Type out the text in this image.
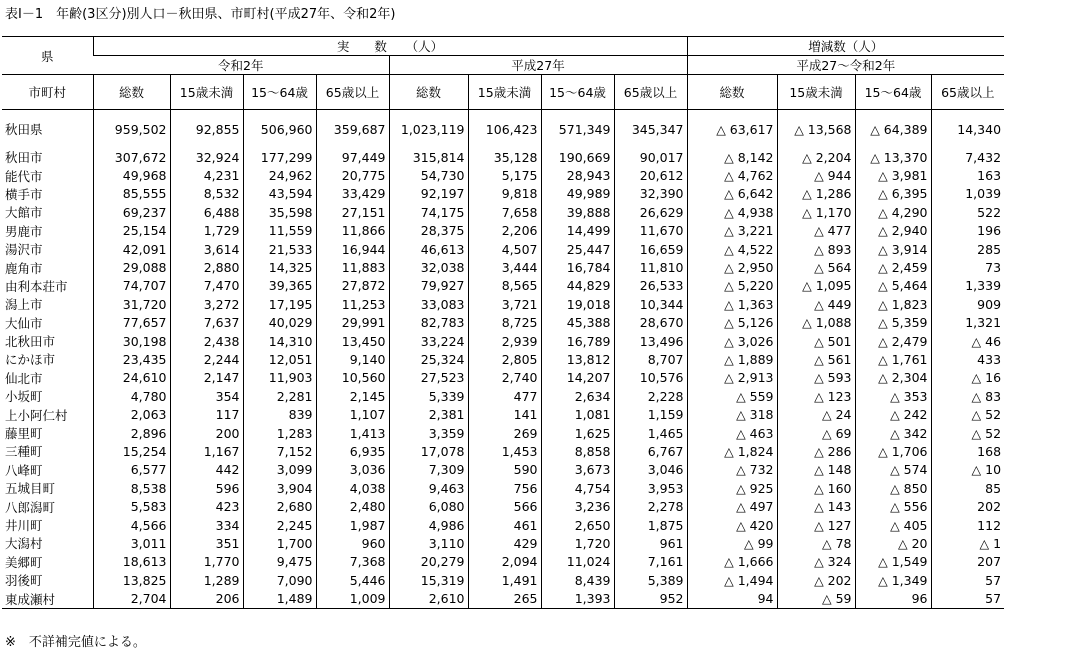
表Ⅰ－1　年齢(3区分)別人口－秋田県、市町村(平成27年、令和2年)
県	実　　数　　（人）								増減数（人）			
	令和2年				平成27年				平成27～令和2年			
市町村	総数	15歳未満	15～64歳	65歳以上	総数	15歳未満	15～64歳	65歳以上	総数	15歳未満	15～64歳	65歳以上
秋田県	959,502	92,855	506,960	359,687	1,023,119	106,423	571,349	345,347	△ 63,617	△ 13,568	△ 64,389	14,340
秋田市	307,672	32,924	177,299	97,449	315,814	35,128	190,669	90,017	△ 8,142	△ 2,204	△ 13,370	7,432
能代市	49,968	4,231	24,962	20,775	54,730	5,175	28,943	20,612	△ 4,762	△ 944	△ 3,981	163
横手市	85,555	8,532	43,594	33,429	92,197	9,818	49,989	32,390	△ 6,642	△ 1,286	△ 6,395	1,039
大館市	69,237	6,488	35,598	27,151	74,175	7,658	39,888	26,629	△ 4,938	△ 1,170	△ 4,290	522
男鹿市	25,154	1,729	11,559	11,866	28,375	2,206	14,499	11,670	△ 3,221	△ 477	△ 2,940	196
湯沢市	42,091	3,614	21,533	16,944	46,613	4,507	25,447	16,659	△ 4,522	△ 893	△ 3,914	285
鹿角市	29,088	2,880	14,325	11,883	32,038	3,444	16,784	11,810	△ 2,950	△ 564	△ 2,459	73
由利本荘市	74,707	7,470	39,365	27,872	79,927	8,565	44,829	26,533	△ 5,220	△ 1,095	△ 5,464	1,339
潟上市	31,720	3,272	17,195	11,253	33,083	3,721	19,018	10,344	△ 1,363	△ 449	△ 1,823	909
大仙市	77,657	7,637	40,029	29,991	82,783	8,725	45,388	28,670	△ 5,126	△ 1,088	△ 5,359	1,321
北秋田市	30,198	2,438	14,310	13,450	33,224	2,939	16,789	13,496	△ 3,026	△ 501	△ 2,479	△ 46
にかほ市	23,435	2,244	12,051	9,140	25,324	2,805	13,812	8,707	△ 1,889	△ 561	△ 1,761	433
仙北市	24,610	2,147	11,903	10,560	27,523	2,740	14,207	10,576	△ 2,913	△ 593	△ 2,304	△ 16
小坂町	4,780	354	2,281	2,145	5,339	477	2,634	2,228	△ 559	△ 123	△ 353	△ 83
上小阿仁村	2,063	117	839	1,107	2,381	141	1,081	1,159	△ 318	△ 24	△ 242	△ 52
藤里町	2,896	200	1,283	1,413	3,359	269	1,625	1,465	△ 463	△ 69	△ 342	△ 52
三種町	15,254	1,167	7,152	6,935	17,078	1,453	8,858	6,767	△ 1,824	△ 286	△ 1,706	168
八峰町	6,577	442	3,099	3,036	7,309	590	3,673	3,046	△ 732	△ 148	△ 574	△ 10
五城目町	8,538	596	3,904	4,038	9,463	756	4,754	3,953	△ 925	△ 160	△ 850	85
八郎潟町	5,583	423	2,680	2,480	6,080	566	3,236	2,278	△ 497	△ 143	△ 556	202
井川町	4,566	334	2,245	1,987	4,986	461	2,650	1,875	△ 420	△ 127	△ 405	112
大潟村	3,011	351	1,700	960	3,110	429	1,720	961	△ 99	△ 78	△ 20	△ 1
美郷町	18,613	1,770	9,475	7,368	20,279	2,094	11,024	7,161	△ 1,666	△ 324	△ 1,549	207
羽後町	13,825	1,289	7,090	5,446	15,319	1,491	8,439	5,389	△ 1,494	△ 202	△ 1,349	57
東成瀬村	2,704	206	1,489	1,009	2,610	265	1,393	952	94	△ 59	96	57
※　不詳補完値による。
